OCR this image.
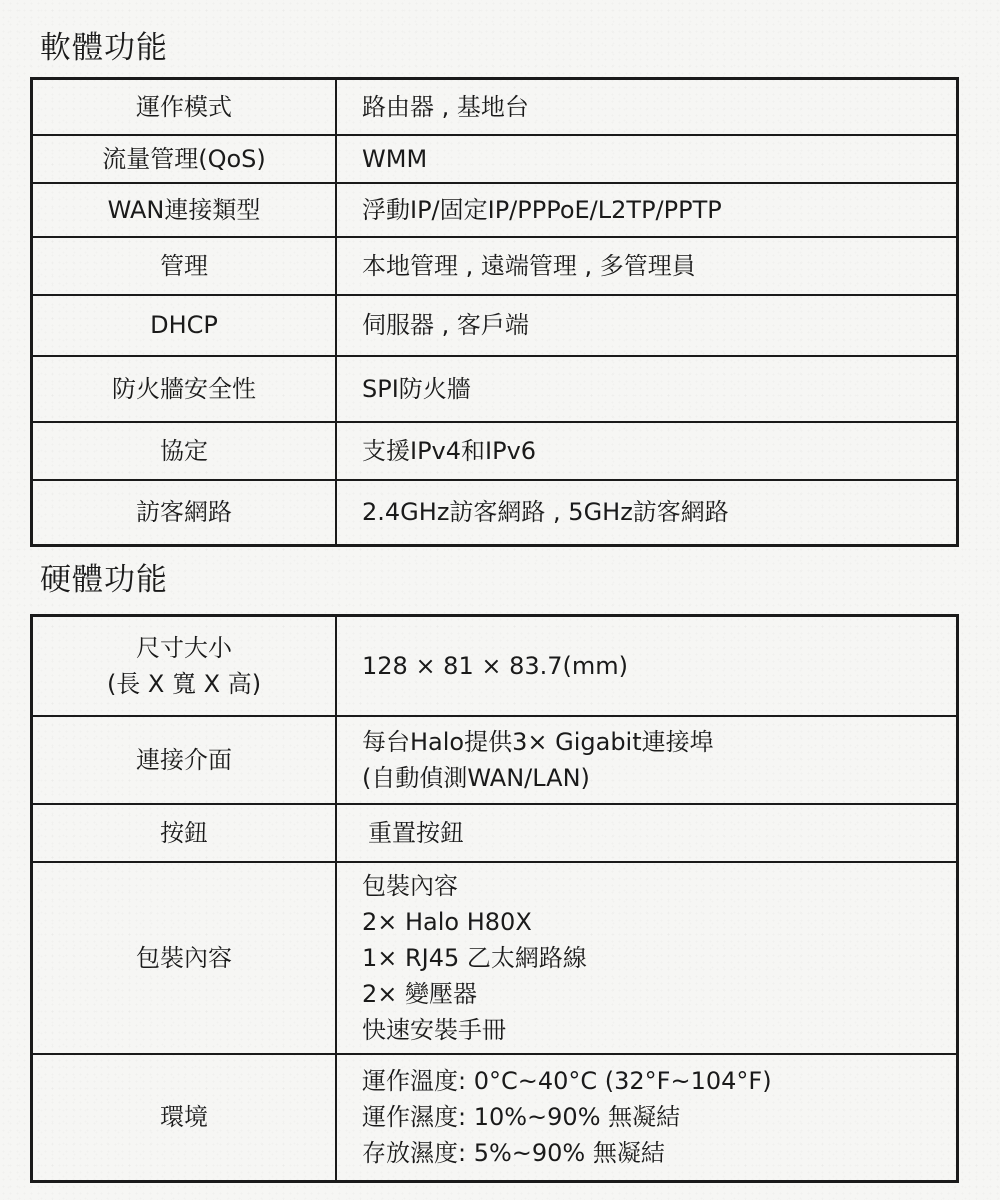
軟體功能
運作模式	路由器 , 基地台
流量管理(QoS)	WMM
WAN連接類型	浮動IP/固定IP/PPPoE/L2TP/PPTP
管理	本地管理 , 遠端管理 , 多管理員
DHCP	伺服器 , 客戶端
防火牆安全性	SPI防火牆
協定	支援IPv4和IPv6
訪客網路	2.4GHz訪客網路 , 5GHz訪客網路
硬體功能
尺寸大小
(長 X 寬 X 高)	128 × 81 × 83.7(mm)
連接介面	每台Halo提供3× Gigabit連接埠
(自動偵測WAN/LAN)

按鈕	重置按鈕
包裝內容	包裝內容
2× Halo H80X
1× RJ45 乙太網路線
2× 變壓器
快速安裝手冊

環境	運作溫度: 0°C~40°C (32°F~104°F)
運作濕度: 10%~90% 無凝結
存放濕度: 5%~90% 無凝結
